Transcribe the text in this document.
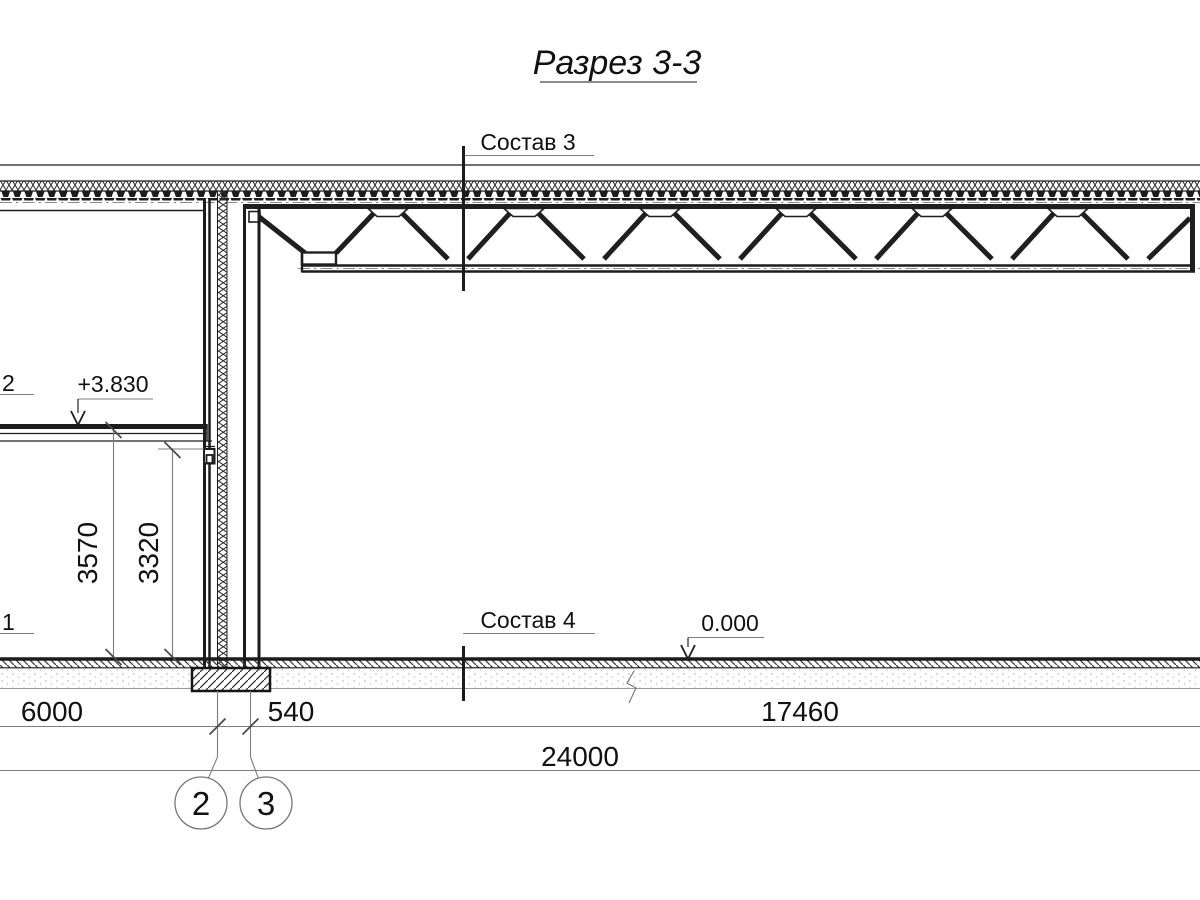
Разрез 3-3
Состав 3
Состав 4
+3.830
0.000
2
1
3570 3320
6000	540	17460
24000
2 3
